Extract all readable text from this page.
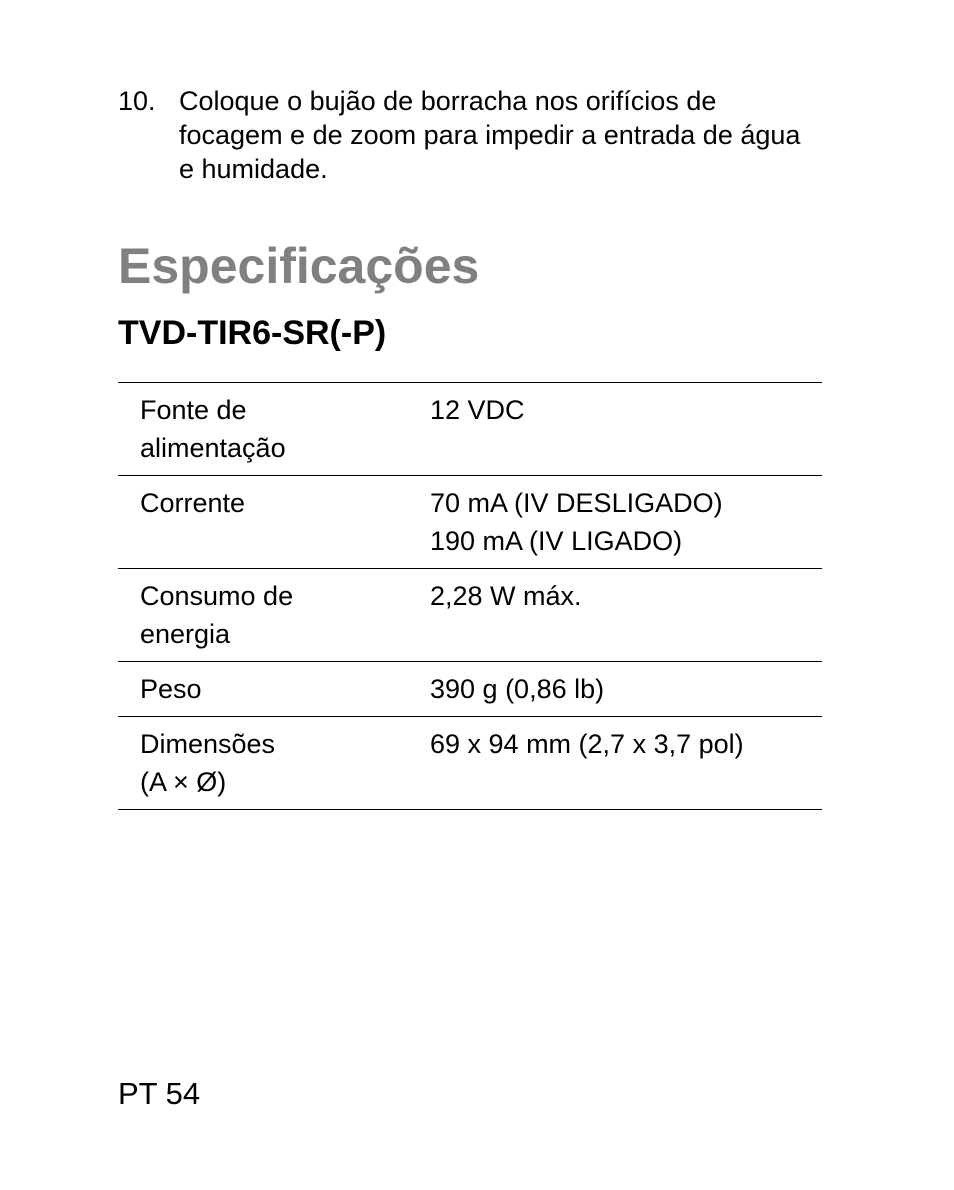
10. Coloque o bujão de borracha nos orifícios de focagem e de zoom para impedir a entrada de água e humidade.
Especificações
TVD-TIR6-SR(-P)
Fonte de
alimentação	12 VDC

Corrente	70 mA (IV DESLIGADO)
190 mA (IV LIGADO)

Consumo de
energia	2,28 W máx.

Peso	390 g (0,86 lb)

Dimensões
(A × Ø)	69 x 94 mm (2,7 x 3,7 pol)
PT 54
